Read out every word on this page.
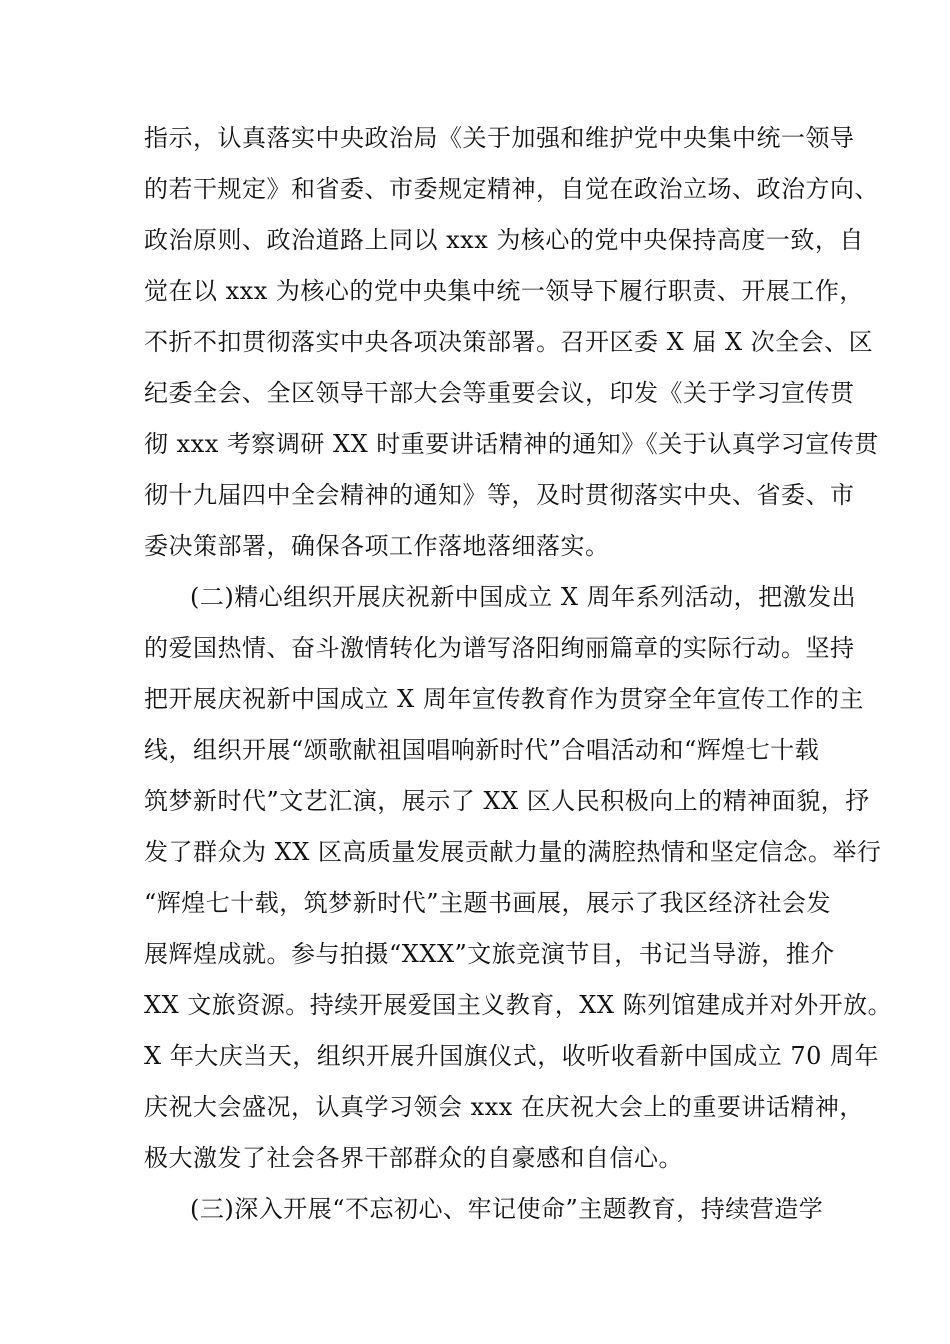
指示，认真落实中央政治局《关于加强和维护党中央集中统一领导
的若干规定》和省委、市委规定精神，自觉在政治立场、政治方向、
政治原则、政治道路上同以 xxx 为核心的党中央保持高度一致，自
觉在以 xxx 为核心的党中央集中统一领导下履行职责、开展工作，
不折不扣贯彻落实中央各项决策部署。召开区委 X 届 X 次全会、区
纪委全会、全区领导干部大会等重要会议，印发《关于学习宣传贯
彻 xxx 考察调研 XX 时重要讲话精神的通知》《关于认真学习宣传贯
彻十九届四中全会精神的通知》等，及时贯彻落实中央、省委、市
委决策部署，确保各项工作落地落细落实。
(二)精心组织开展庆祝新中国成立 X 周年系列活动，把激发出
的爱国热情、奋斗激情转化为谱写洛阳绚丽篇章的实际行动。坚持
把开展庆祝新中国成立 X 周年宣传教育作为贯穿全年宣传工作的主
线，组织开展“颂歌献祖国唱响新时代”合唱活动和“辉煌七十载
筑梦新时代”文艺汇演，展示了 XX 区人民积极向上的精神面貌，抒
发了群众为 XX 区高质量发展贡献力量的满腔热情和坚定信念。举行
“辉煌七十载，筑梦新时代”主题书画展，展示了我区经济社会发
展辉煌成就。参与拍摄“XXX”文旅竞演节目，书记当导游，推介
XX 文旅资源。持续开展爱国主义教育，XX 陈列馆建成并对外开放。
X 年大庆当天，组织开展升国旗仪式，收听收看新中国成立 70 周年
庆祝大会盛况，认真学习领会 xxx 在庆祝大会上的重要讲话精神，
极大激发了社会各界干部群众的自豪感和自信心。
(三)深入开展“不忘初心、牢记使命”主题教育，持续营造学
